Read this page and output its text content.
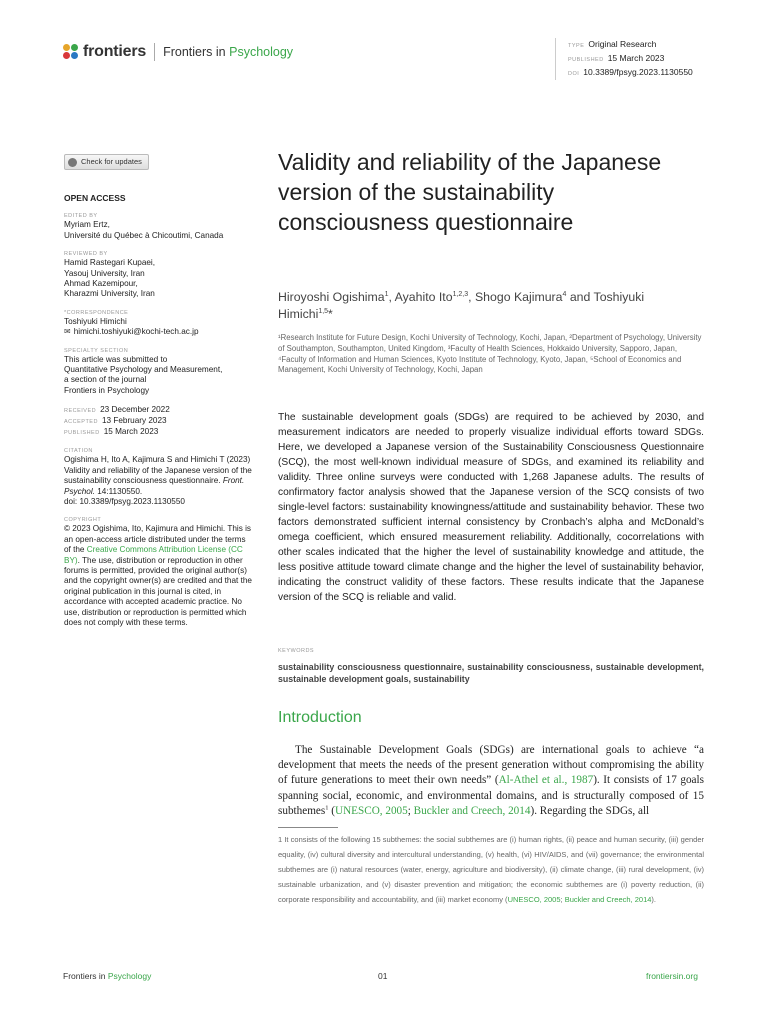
frontiers Frontiers in Psychology	TYPE Original Research
PUBLISHED 15 March 2023
DOI 10.3389/fpsyg.2023.1130550
Check for updates
OPEN ACCESS
EDITED BY
Myriam Ertz,
Université du Québec à Chicoutimi, Canada
REVIEWED BY
Hamid Rastegari Kupaei,
Yasouj University, Iran
Ahmad Kazemipour,
Kharazmi University, Iran
*CORRESPONDENCE
Toshiyuki Himichi
✉ himichi.toshiyuki@kochi-tech.ac.jp
SPECIALTY SECTION
This article was submitted to
Quantitative Psychology and Measurement,
a section of the journal
Frontiers in Psychology
RECEIVED 23 December 2022
ACCEPTED 13 February 2023
PUBLISHED 15 March 2023
CITATION
Ogishima H, Ito A, Kajimura S and Himichi T (2023) Validity and reliability of the Japanese version of the sustainability consciousness questionnaire. Front. Psychol. 14:1130550.
doi: 10.3389/fpsyg.2023.1130550
COPYRIGHT
© 2023 Ogishima, Ito, Kajimura and Himichi. This is an open-access article distributed under the terms of the Creative Commons Attribution License (CC BY). The use, distribution or reproduction in other forums is permitted, provided the original author(s) and the copyright owner(s) are credited and that the original publication in this journal is cited, in accordance with accepted academic practice. No use, distribution or reproduction is permitted which does not comply with these terms.
Validity and reliability of the Japanese version of the sustainability consciousness questionnaire
Hiroyoshi Ogishima$^1$, Ayahito Ito$^{1,2,3}$, Shogo Kajimura$^4$ and Toshiyuki Himichi$^{1,5}$*
¹Research Institute for Future Design, Kochi University of Technology, Kochi, Japan, ²Department of Psychology, University of Southampton, Southampton, United Kingdom, ³Faculty of Health Sciences, Hokkaido University, Sapporo, Japan, ⁴Faculty of Information and Human Sciences, Kyoto Institute of Technology, Kyoto, Japan, ⁵School of Economics and Management, Kochi University of Technology, Kochi, Japan
The sustainable development goals (SDGs) are required to be achieved by 2030, and measurement indicators are needed to properly visualize individual efforts toward SDGs. Here, we developed a Japanese version of the Sustainability Consciousness Questionnaire (SCQ), the most well-known individual measure of SDGs, and examined its reliability and validity. Three online surveys were conducted with 1,268 Japanese adults. The results of confirmatory factor analysis showed that the Japanese version of the SCQ consists of two single-level factors: sustainability knowingness/attitude and sustainability behavior. These two factors demonstrated sufficient internal consistency by Cronbach’s alpha and McDonald’s omega coefficient, which ensured measurement reliability. Additionally, cocorrelations with other scales indicated that the higher the level of sustainability knowledge and attitude, the less positive attitude toward climate change and the higher the level of sustainability behavior, indicating the construct validity of these factors. These results indicate that the Japanese version of the SCQ is reliable and valid.
KEYWORDS
sustainability consciousness questionnaire, sustainability consciousness, sustainable development, sustainable development goals, sustainability
Introduction
The Sustainable Development Goals (SDGs) are international goals to achieve “a development that meets the needs of the present generation without compromising the ability of future generations to meet their own needs” (Al-Athel et al., 1987). It consists of 17 goals spanning social, economic, and environmental domains, and is structurally composed of 15 subthemes$^1$ (UNESCO, 2005; Buckler and Creech, 2014). Regarding the SDGs, all
1 It consists of the following 15 subthemes: the social subthemes are (i) human rights, (ii) peace and human security, (iii) gender equality, (iv) cultural diversity and intercultural understanding, (v) health, (vi) HIV/AIDS, and (vii) governance; the environmental subthemes are (i) natural resources (water, energy, agriculture and biodiversity), (ii) climate change, (iii) rural development, (iv) sustainable urbanization, and (v) disaster prevention and mitigation; the economic subthemes are (i) poverty reduction, (ii) corporate responsibility and accountability, and (iii) market economy (UNESCO, 2005; Buckler and Creech, 2014).
Frontiers in Psychology	01	frontiersin.org
